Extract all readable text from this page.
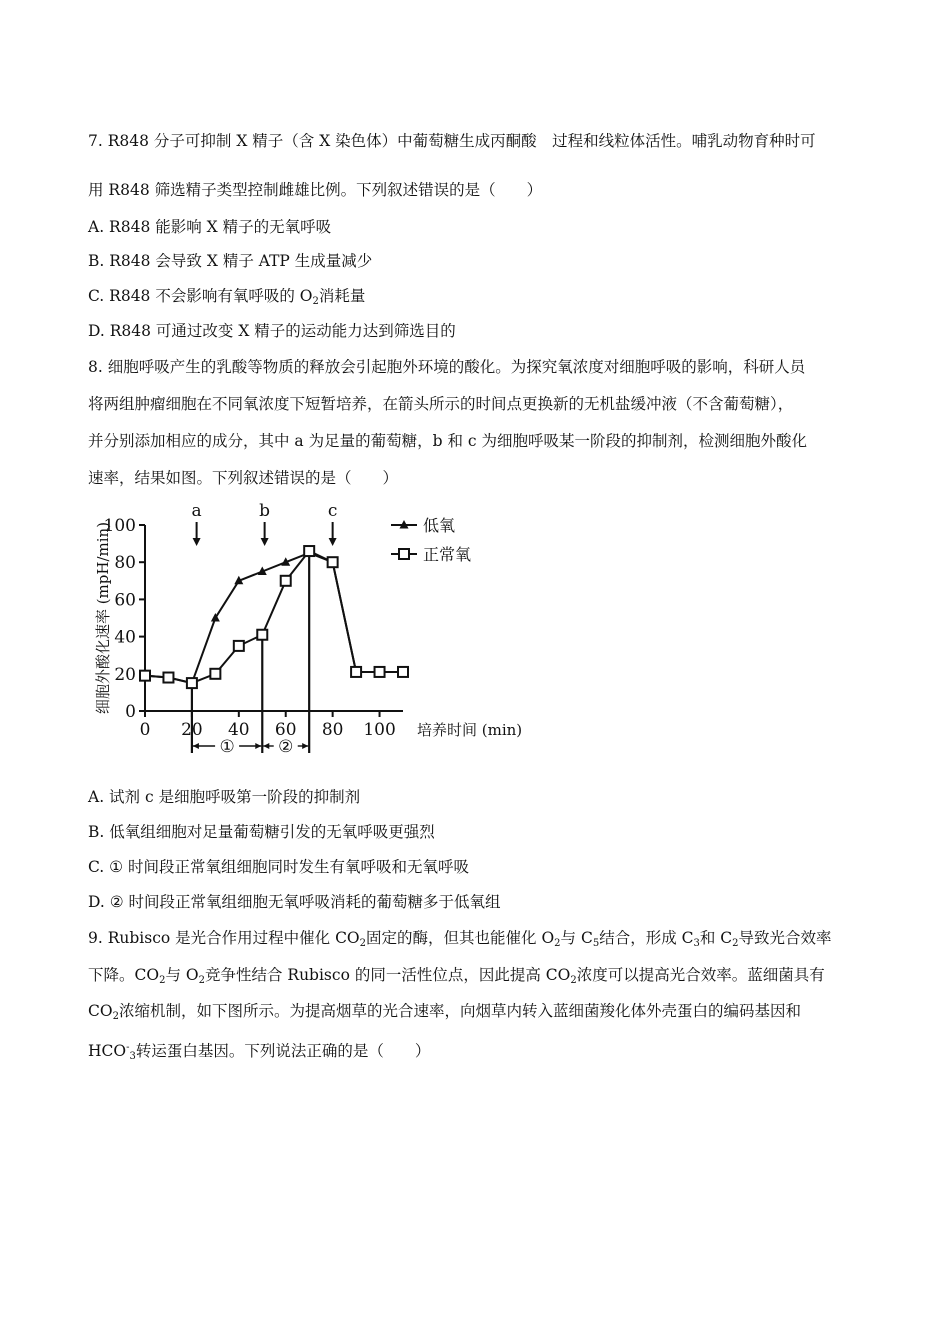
7. R848 分子可抑制 X 精子（含 X 染色体）中葡萄糖生成丙酮酸　过程和线粒体活性。哺乳动物育种时可
用 R848 筛选精子类型控制雌雄比例。下列叙述错误的是（　　）
A. R848 能影响 X 精子的无氧呼吸
B. R848 会导致 X 精子 ATP 生成量减少
C. R848 不会影响有氧呼吸的 $O_2$消耗量
D. R848 可通过改变 X 精子的运动能力达到筛选目的
8. 细胞呼吸产生的乳酸等物质的释放会引起胞外环境的酸化。为探究氧浓度对细胞呼吸的影响，科研人员
将两组肿瘤细胞在不同氧浓度下短暂培养，在箭头所示的时间点更换新的无机盐缓冲液（不含葡萄糖），
并分别添加相应的成分，其中 a 为足量的葡萄糖，b 和 c 为细胞呼吸某一阶段的抑制剂，检测细胞外酸化
速率，结果如图。下列叙述错误的是（　　）
0
20
40
60
80
100
0 20 40 60 80 100
细胞外酸化速率 (mpH/min)
培养时间 (min)
a	b	c
①	②
低氧
正常氧
A. 试剂 c 是细胞呼吸第一阶段的抑制剂
B. 低氧组细胞对足量葡萄糖引发的无氧呼吸更强烈
C. ① 时间段正常氧组细胞同时发生有氧呼吸和无氧呼吸
D. ② 时间段正常氧组细胞无氧呼吸消耗的葡萄糖多于低氧组
9. Rubisco 是光合作用过程中催化 $CO_2$固定的酶，但其也能催化 $O_2$与 $C_5$结合，形成 $C_3$和 $C_2$导致光合效率
下降。$CO_2$与 $O_2$竞争性结合 Rubisco 的同一活性位点，因此提高 $CO_2$浓度可以提高光合效率。蓝细菌具有
$CO_2$浓缩机制，如下图所示。为提高烟草的光合速率，向烟草内转入蓝细菌羧化体外壳蛋白的编码基因和
$HCO^-_3$转运蛋白基因。下列说法正确的是（　　）
